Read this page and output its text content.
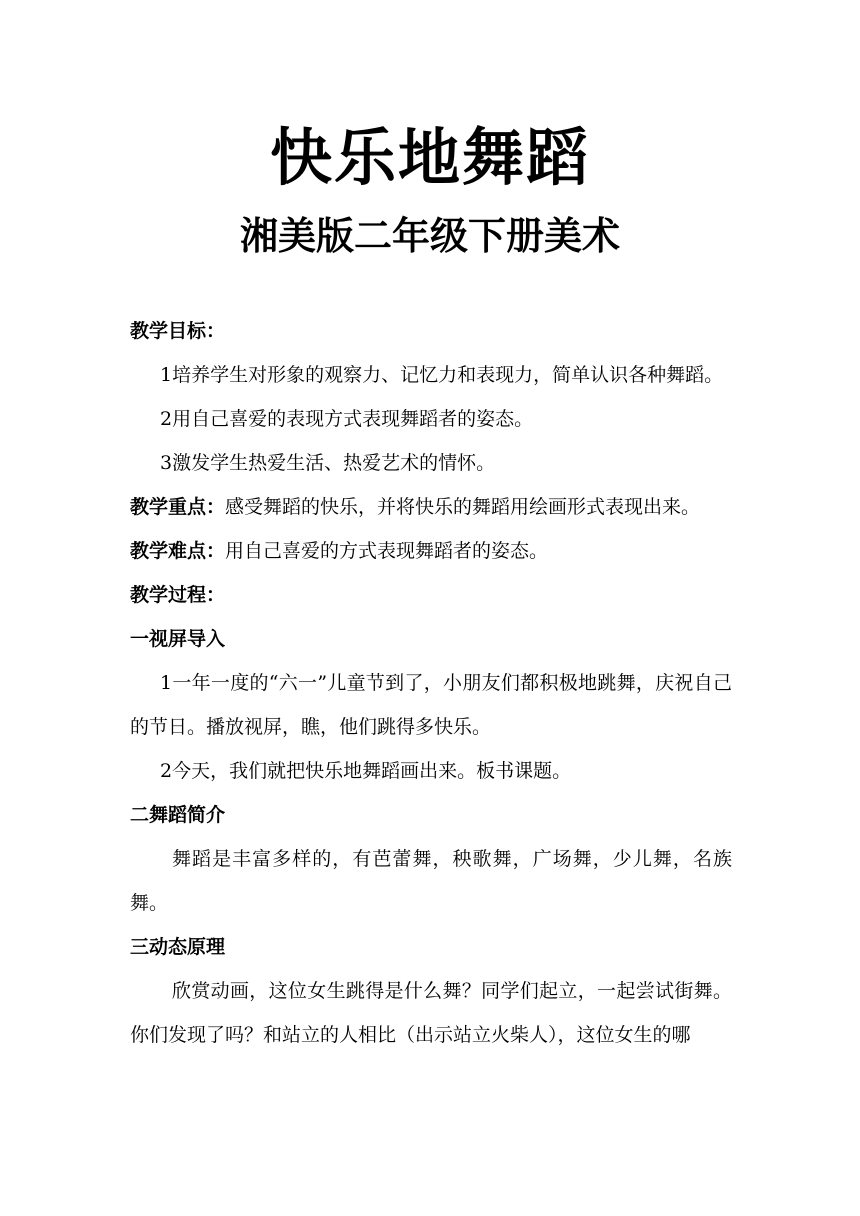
快乐地舞蹈
湘美版二年级下册美术

教学目标：

1培养学生对形象的观察力、记忆力和表现力，简单认识各种舞蹈。

2用自己喜爱的表现方式表现舞蹈者的姿态。

3激发学生热爱生活、热爱艺术的情怀。

教学重点：感受舞蹈的快乐，并将快乐的舞蹈用绘画形式表现出来。

教学难点：用自己喜爱的方式表现舞蹈者的姿态。

教学过程：

一视屏导入

1一年一度的“六一”儿童节到了，小朋友们都积极地跳舞，庆祝自己的节日。播放视屏，瞧，他们跳得多快乐。

2今天，我们就把快乐地舞蹈画出来。板书课题。

二舞蹈简介

舞蹈是丰富多样的，有芭蕾舞，秧歌舞，广场舞，少儿舞，名族舞。

三动态原理

欣赏动画，这位女生跳得是什么舞？同学们起立，一起尝试街舞。你们发现了吗？和站立的人相比（出示站立火柴人），这位女生的哪
